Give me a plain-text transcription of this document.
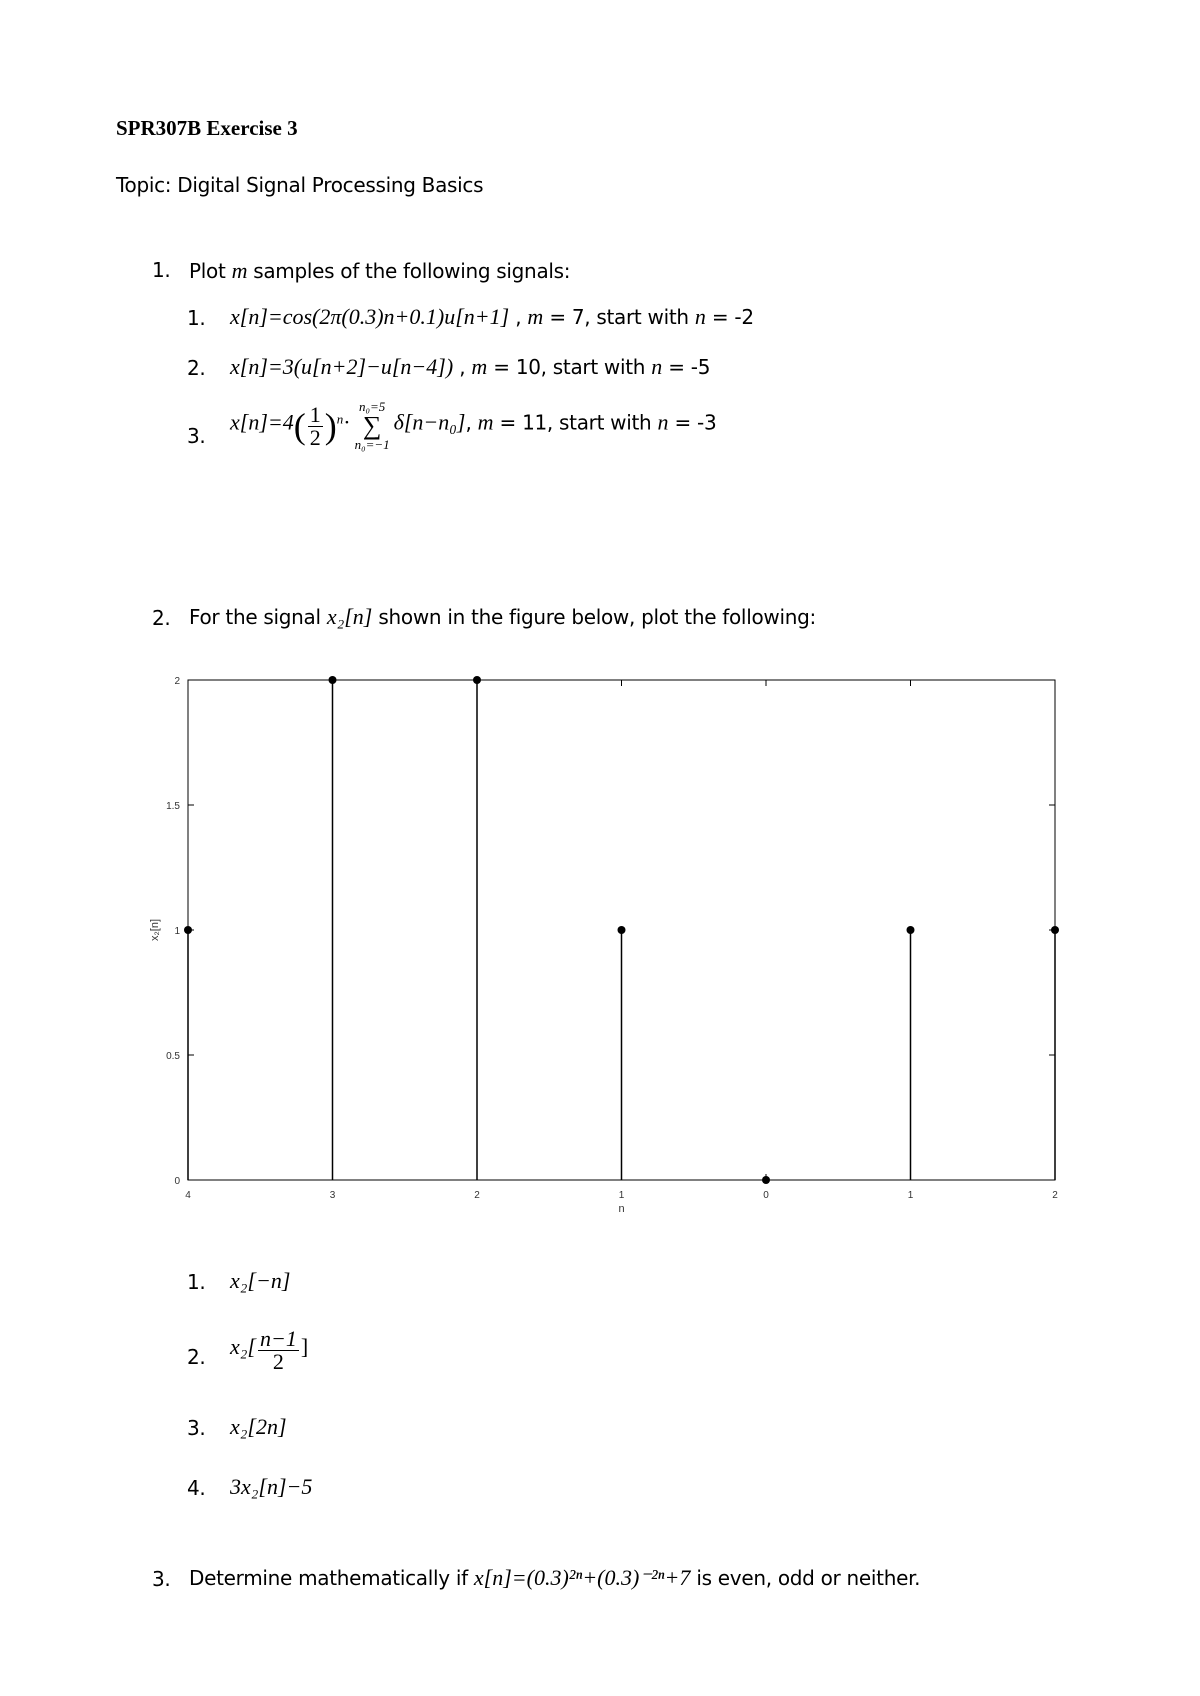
SPR307B Exercise 3
Topic: Digital Signal Processing Basics
1. Plot m samples of the following signals:
1. x[n]=cos(2π(0.3)n+0.1)u[n+1] , m = 7, start with n = -2
2. x[n]=3(u[n+2]−u[n−4]) , m = 10, start with n = -5
3.
$x[n]=4( \frac{1}{2} )^n\cdot n_0=5$
∑
n₀=−1δ[n−n₀], m = 11, start with n = -3
2. For the signal x₂[n] shown in the figure below, plot the following:
4	3	2	1	0	1	2
0
0.5
1
1.5
2
x₂[n]
n
1. x₂[−n]
2. $x_2[ \frac{n-1}{2}$ ]
3. x₂[2n]
4. 3x₂[n]−5
3. Determine mathematically if x[n]=(0.3)²ⁿ+(0.3)⁻²ⁿ+7 is even, odd or neither.
